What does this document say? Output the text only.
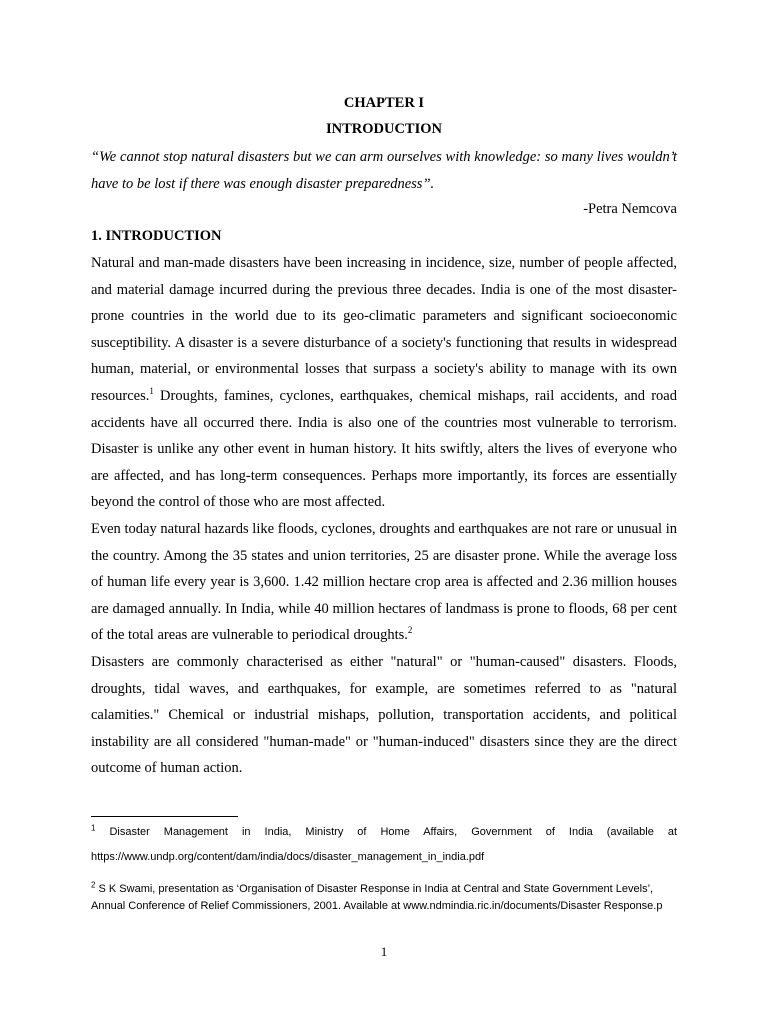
CHAPTER I
INTRODUCTION
“We cannot stop natural disasters but we can arm ourselves with knowledge: so many lives wouldn’t have to be lost if there was enough disaster preparedness”.
-Petra Nemcova
1. INTRODUCTION

Natural and man-made disasters have been increasing in incidence, size, number of people affected, and material damage incurred during the previous three decades. India is one of the most disaster-prone countries in the world due to its geo-climatic parameters and significant socioeconomic susceptibility. A disaster is a severe disturbance of a society's functioning that results in widespread human, material, or environmental losses that surpass a society's ability to manage with its own resources.$^1$ Droughts, famines, cyclones, earthquakes, chemical mishaps, rail accidents, and road accidents have all occurred there. India is also one of the countries most vulnerable to terrorism. Disaster is unlike any other event in human history. It hits swiftly, alters the lives of everyone who are affected, and has long-term consequences. Perhaps more importantly, its forces are essentially beyond the control of those who are most affected.

Even today natural hazards like floods, cyclones, droughts and earthquakes are not rare or unusual in the country. Among the 35 states and union territories, 25 are disaster prone. While the average loss of human life every year is 3,600. 1.42 million hectare crop area is affected and 2.36 million houses are damaged annually. In India, while 40 million hectares of landmass is prone to floods, 68 per cent of the total areas are vulnerable to periodical droughts.$^2$

Disasters are commonly characterised as either "natural" or "human-caused" disasters. Floods, droughts, tidal waves, and earthquakes, for example, are sometimes referred to as "natural calamities." Chemical or industrial mishaps, pollution, transportation accidents, and political instability are all considered "human-made" or "human-induced" disasters since they are the direct outcome of human action.

$^1$ Disaster Management in India, Ministry of Home Affairs, Government of India (available at https://www.undp.org/content/dam/india/docs/disaster_management_in_india.pdf
$^2$ S K Swami, presentation as ‘Organisation of Disaster Response in India at Central and State Government Levels’, Annual Conference of Relief Commissioners, 2001. Available at www.ndmindia.ric.in/documents/Disaster Response.p
1
